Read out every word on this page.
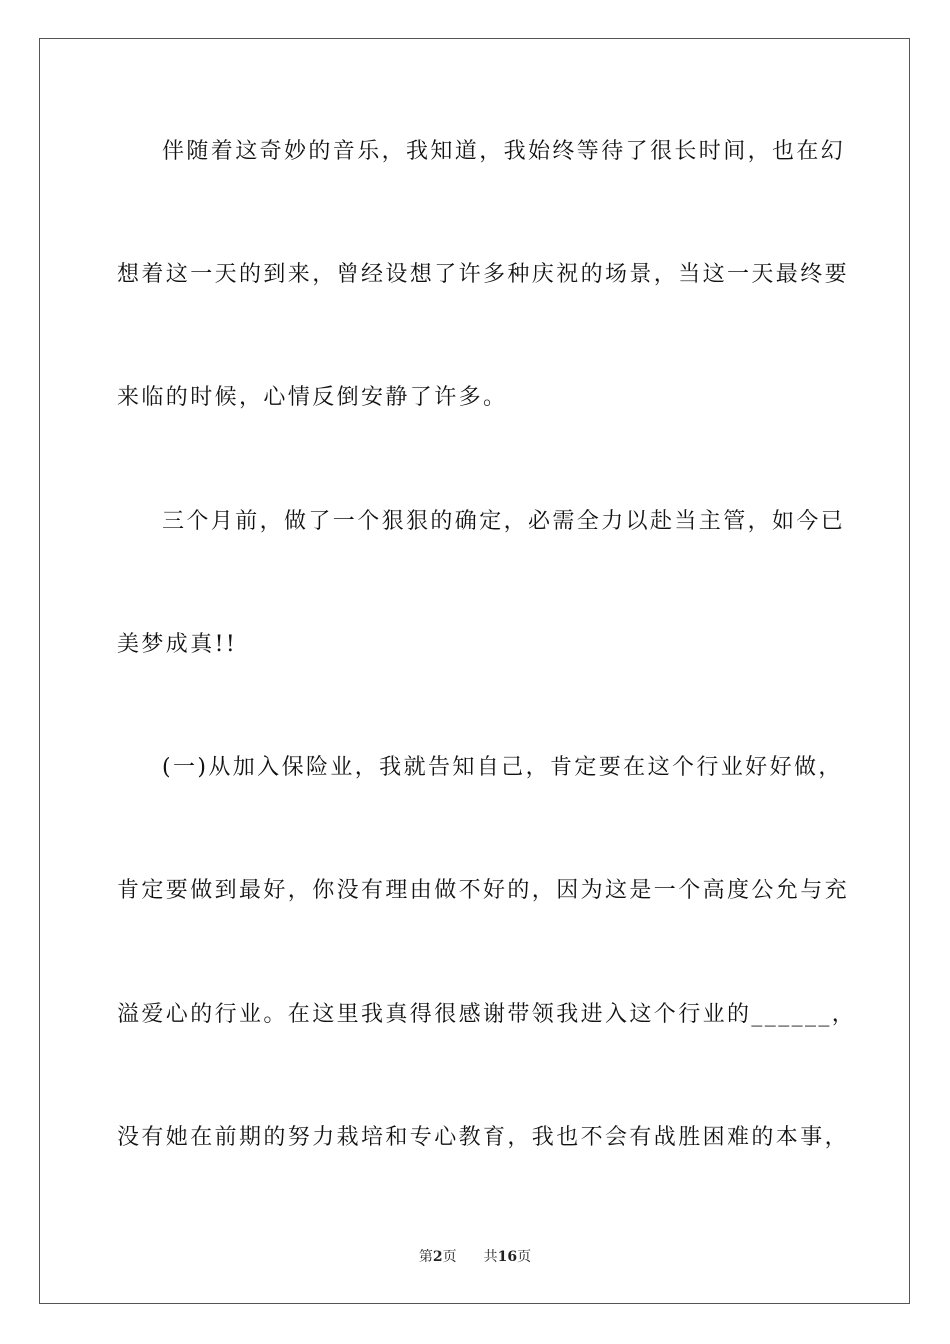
伴随着这奇妙的音乐，我知道，我始终等待了很长时间，也在幻
想着这一天的到来，曾经设想了许多种庆祝的场景，当这一天最终要
来临的时候，心情反倒安静了许多。
三个月前，做了一个狠狠的确定，必需全力以赴当主管，如今已
美梦成真!!
(一)从加入保险业，我就告知自己，肯定要在这个行业好好做，
肯定要做到最好，你没有理由做不好的，因为这是一个高度公允与充
溢爱心的行业。在这里我真得很感谢带领我进入这个行业的______，
没有她在前期的努力栽培和专心教育，我也不会有战胜困难的本事，
第2页 共16页
